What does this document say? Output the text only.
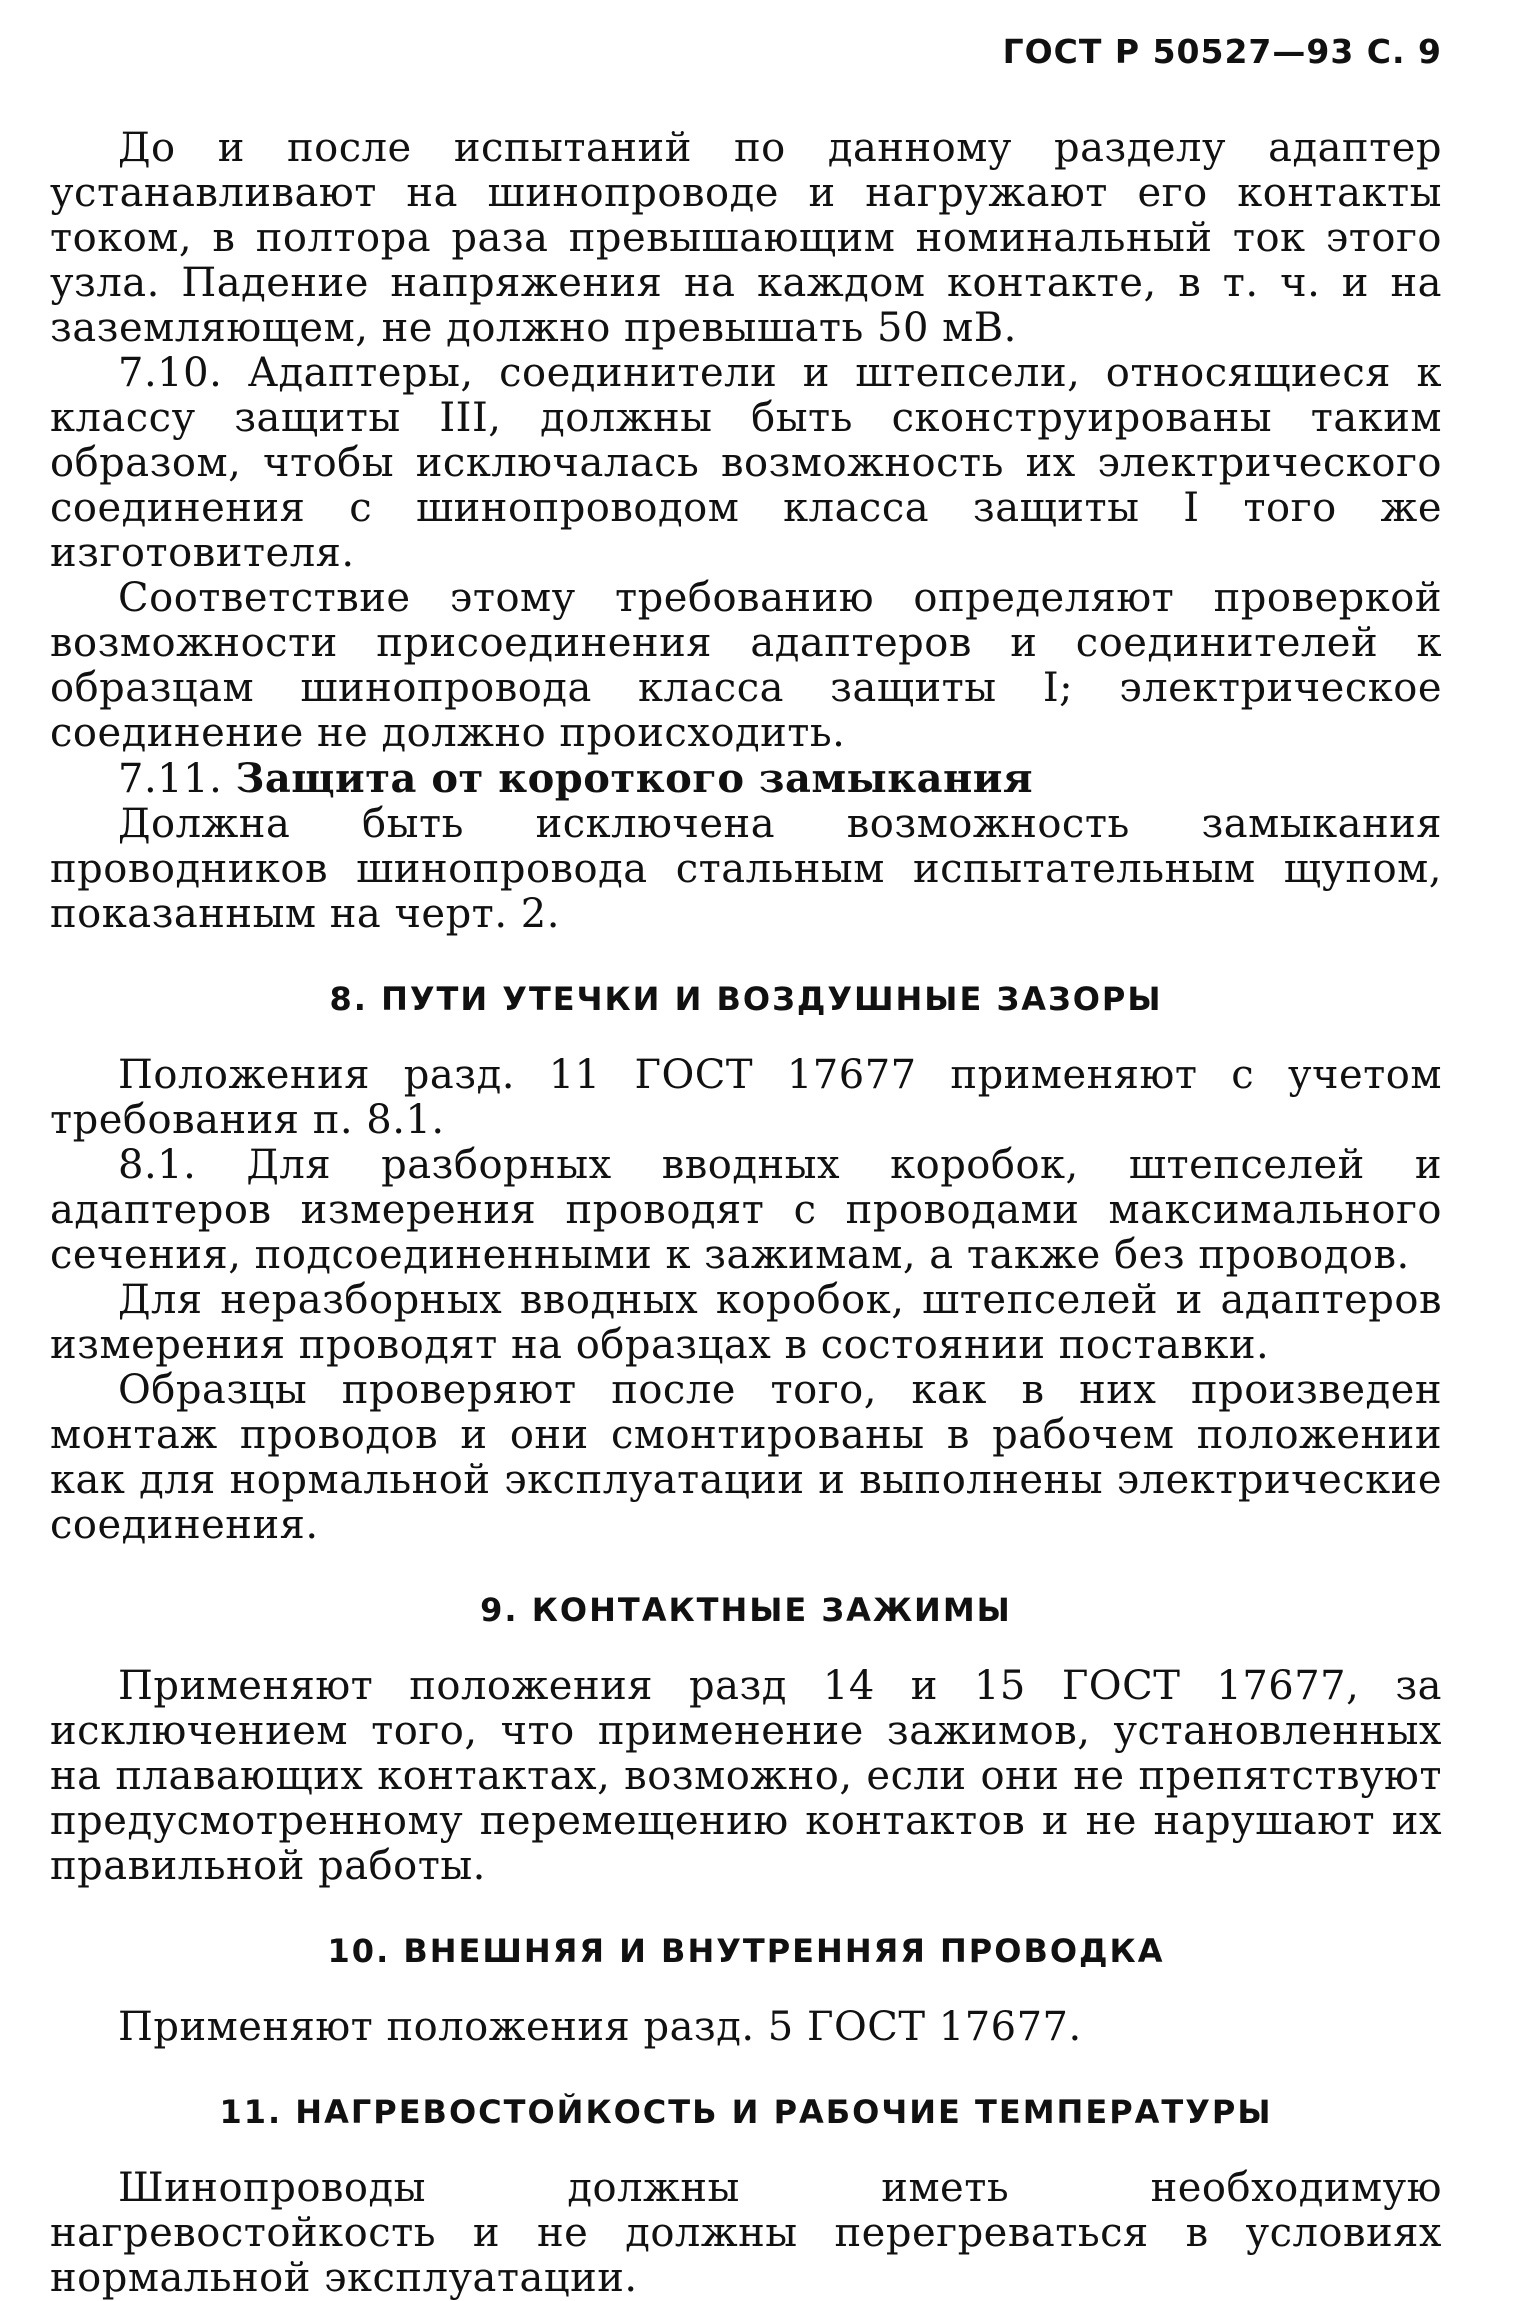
ГОСТ Р 50527—93 С. 9

До и после испытаний по данному разделу адаптер устанавливают на шинопроводе и нагружают его контакты током, в полтора раза превышающим номинальный ток этого узла. Падение напряжения на каждом контакте, в т. ч. и на заземляющем, не должно превышать 50 мВ.

7.10. Адаптеры, соединители и штепсели, относящиеся к классу защиты III, должны быть сконструированы таким образом, чтобы исключалась возможность их электрического соединения с шинопроводом класса защиты I того же изготовителя.

Соответствие этому требованию определяют проверкой возможности присоединения адаптеров и соединителей к образцам шинопровода класса защиты I; электрическое соединение не должно происходить.

7.11. Защита от короткого замыкания

Должна быть исключена возможность замыкания проводников шинопровода стальным испытательным щупом, показанным на черт. 2.

8. ПУТИ УТЕЧКИ И ВОЗДУШНЫЕ ЗАЗОРЫ

Положения разд. 11 ГОСТ 17677 применяют с учетом требования п. 8.1.

8.1. Для разборных вводных коробок, штепселей и адаптеров измерения проводят с проводами максимального сечения, подсоединенными к зажимам, а также без проводов.

Для неразборных вводных коробок, штепселей и адаптеров измерения проводят на образцах в состоянии поставки.

Образцы проверяют после того, как в них произведен монтаж проводов и они смонтированы в рабочем положении как для нормальной эксплуатации и выполнены электрические соединения.

9. КОНТАКТНЫЕ ЗАЖИМЫ

Применяют положения разд 14 и 15 ГОСТ 17677, за исключением того, что применение зажимов, установленных на плавающих контактах, возможно, если они не препятствуют предусмотренному перемещению контактов и не нарушают их правильной работы.

10. ВНЕШНЯЯ И ВНУТРЕННЯЯ ПРОВОДКА

Применяют положения разд. 5 ГОСТ 17677.

11. НАГРЕВОСТОЙКОСТЬ И РАБОЧИЕ ТЕМПЕРАТУРЫ

Шинопроводы должны иметь необходимую нагревостойкость и не должны перегреваться в условиях нормальной эксплуатации.
